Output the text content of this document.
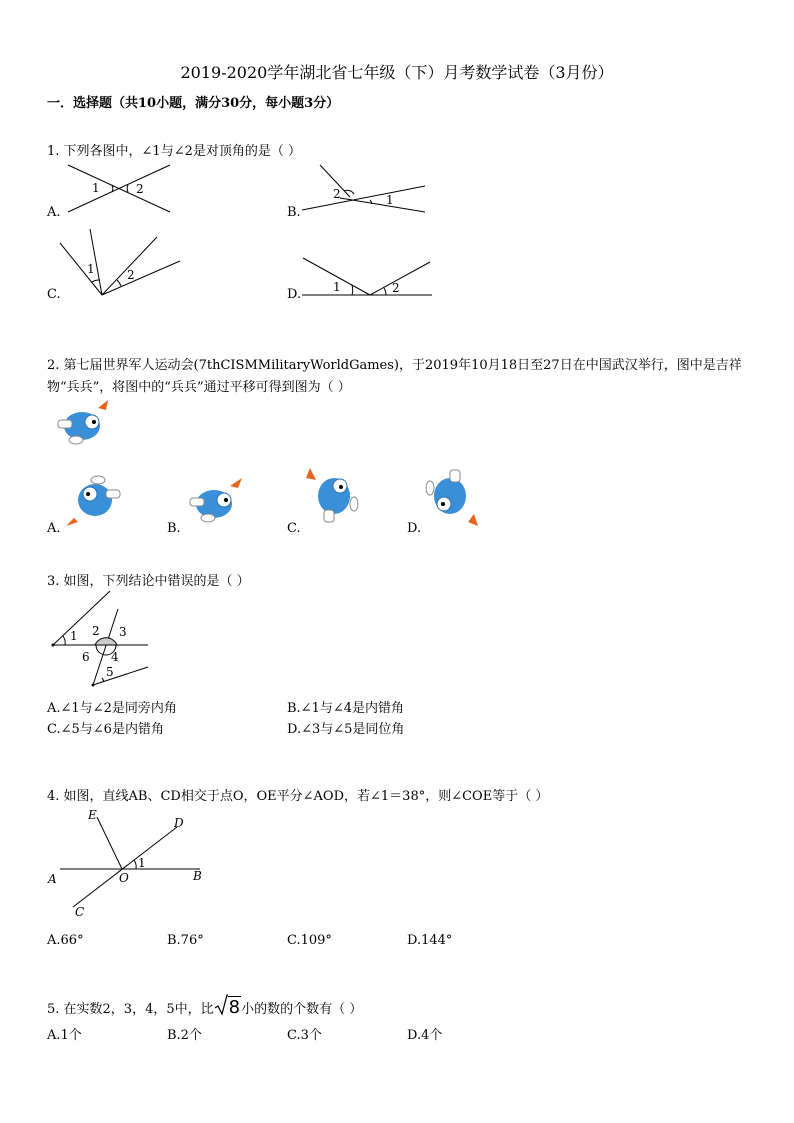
2019-2020学年湖北省七年级（下）月考数学试卷（3月份）
一．选择题（共10小题，满分30分，每小题3分）
1. 下列各图中，∠1与∠2是对顶角的是（ ）
A.
1	2
B.
2	1
C.
1	2
D.	1	2
2. 第七届世界军人运动会(7thCISMMilitaryWorldGames)，于2019年10月18日至27日在中国武汉举行，图中是吉祥
物“兵兵”，将图中的“兵兵”通过平移可得到图为（ ）
A.	B.	C.	D.
3. 如图，下列结论中错误的是（ ）
1 2 3
4
5
6
A.∠1与∠2是同旁内角	B.∠1与∠4是内错角
C.∠5与∠6是内错角	D.∠3与∠5是同位角
4. 如图，直线AB、CD相交于点O，OE平分∠AOD，若∠1＝38°，则∠COE等于（ ）
E
D
A	O	B
C
1
A.66°	B.76°	C.109°	D.144°
5. 在实数2，3，4，5中，比 8小的数的个数有（ ）
A.1个	B.2个	C.3个	D.4个
